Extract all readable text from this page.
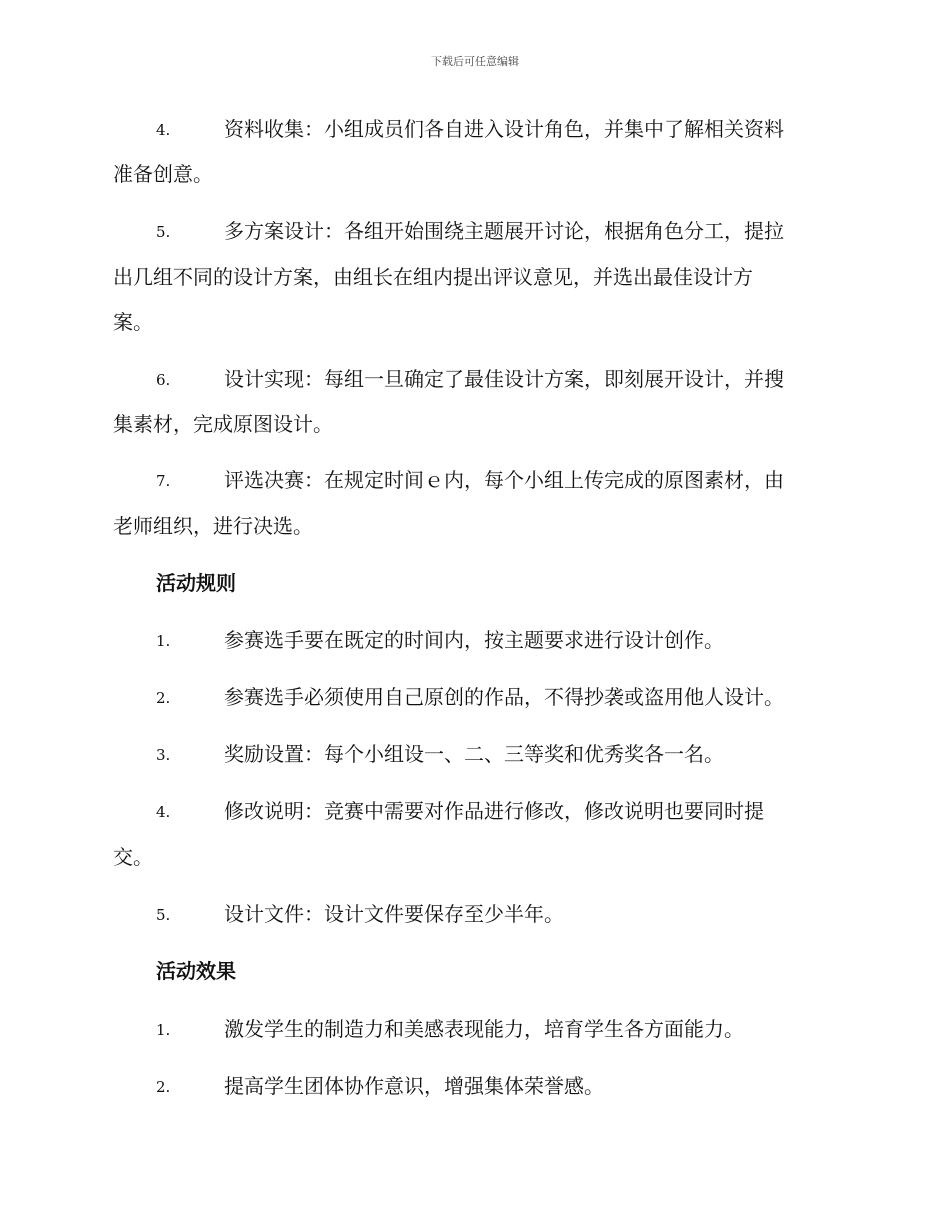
下载后可任意编辑
4.	资料收集：小组成员们各自进入设计角色，并集中了解相关资料
准备创意。
5.	多方案设计：各组开始围绕主题展开讨论，根据角色分工，提拉
出几组不同的设计方案，由组长在组内提出评议意见，并选出最佳设计方
案。
6.	设计实现：每组一旦确定了最佳设计方案，即刻展开设计，并搜
集素材，完成原图设计。
7.	评选决赛：在规定时间ｅ内，每个小组上传完成的原图素材，由
老师组织，进行决选。
活动规则
1.	参赛选手要在既定的时间内，按主题要求进行设计创作。
2.	参赛选手必须使用自己原创的作品，不得抄袭或盗用他人设计。
3.	奖励设置：每个小组设一、二、三等奖和优秀奖各一名。
4.	修改说明：竞赛中需要对作品进行修改，修改说明也要同时提
交。
5.	设计文件：设计文件要保存至少半年。
活动效果
1.	激发学生的制造力和美感表现能力，培育学生各方面能力。
2.	提高学生团体协作意识，增强集体荣誉感。
